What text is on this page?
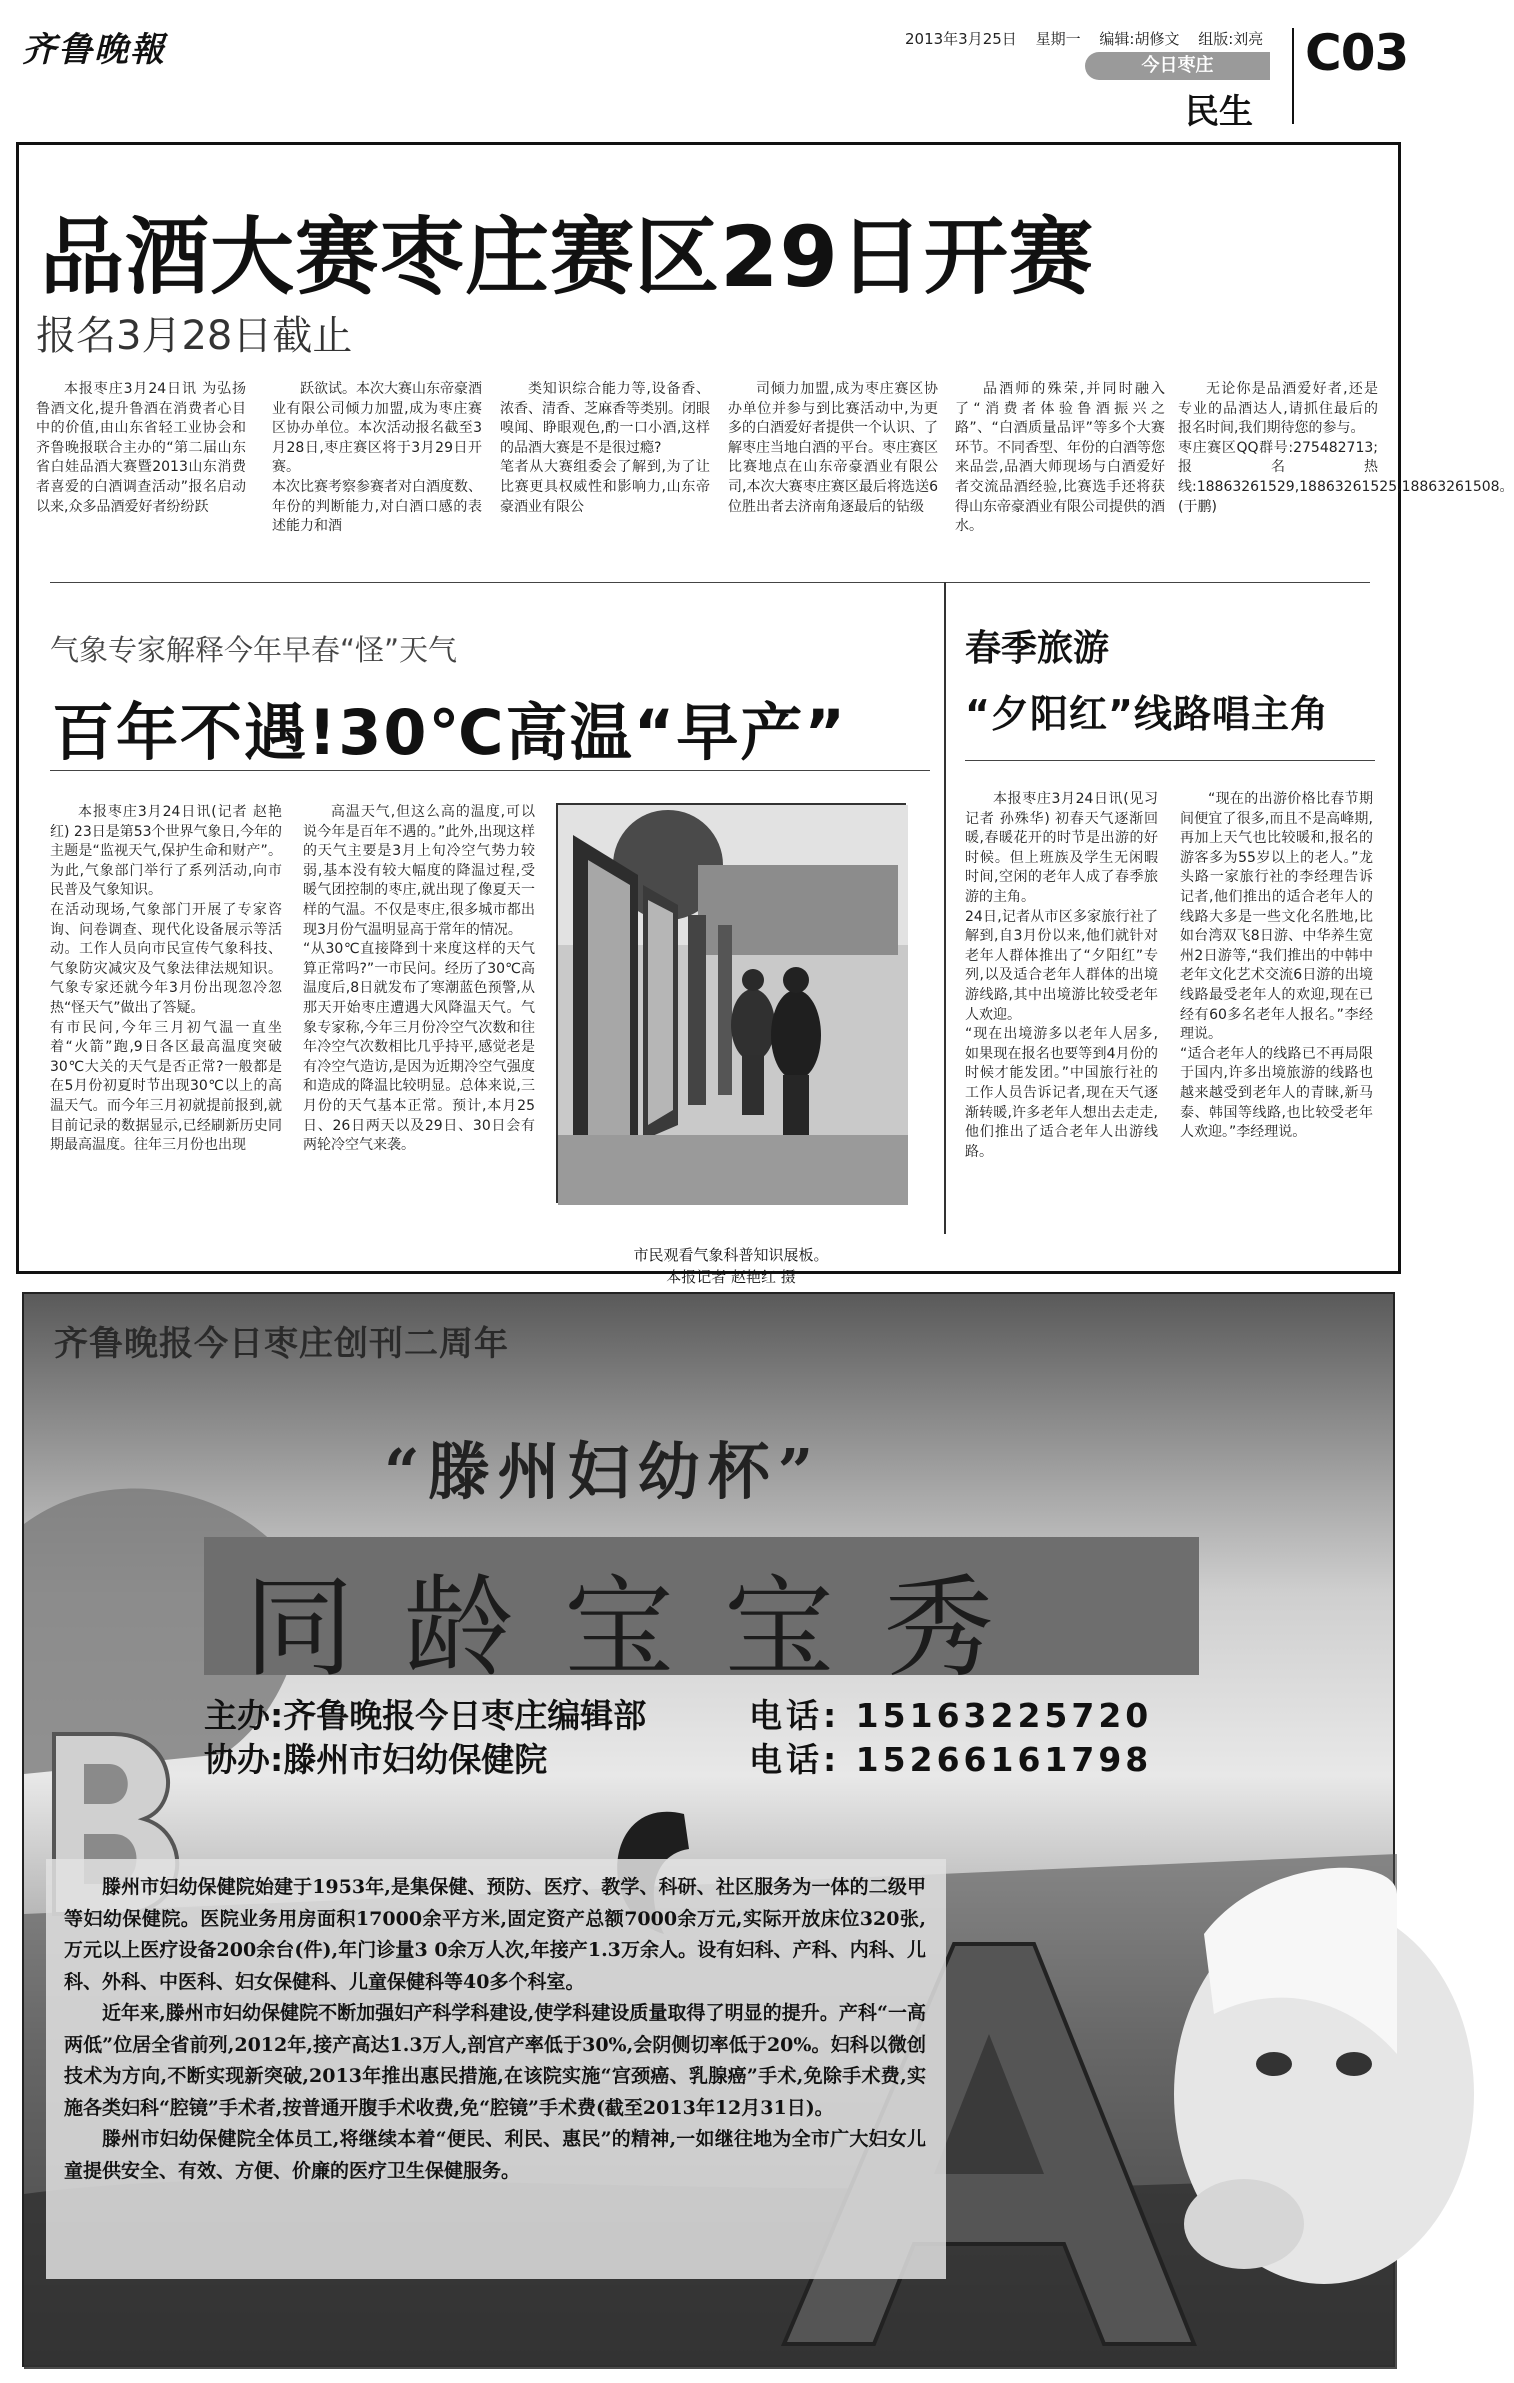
齐鲁晚報	2013年3月25日 星期一 编辑:胡修文 组版:刘亮
今日枣庄
民生
C03
品酒大赛枣庄赛区29日开赛
报名3月28日截止

本报枣庄3月24日讯 为弘扬鲁酒文化,提升鲁酒在消费者心目中的价值,由山东省轻工业协会和齐鲁晚报联合主办的“第二届山东省白娃品酒大赛暨2013山东消费者喜爱的白酒调查活动”报名启动以来,众多品酒爱好者纷纷跃

跃欲试。本次大赛山东帝豪酒业有限公司倾力加盟,成为枣庄赛区协办单位。本次活动报名截至3月28日,枣庄赛区将于3月29日开赛。
本次比赛考察参赛者对白酒度数、年份的判断能力,对白酒口感的表述能力和酒

类知识综合能力等,设备香、浓香、清香、芝麻香等类别。闭眼嗅闻、睁眼观色,酌一口小酒,这样的品酒大赛是不是很过瘾?
笔者从大赛组委会了解到,为了让比赛更具权威性和影响力,山东帝豪酒业有限公

司倾力加盟,成为枣庄赛区协办单位并参与到比赛活动中,为更多的白酒爱好者提供一个认识、了解枣庄当地白酒的平台。枣庄赛区比赛地点在山东帝豪酒业有限公司,本次大赛枣庄赛区最后将选送6位胜出者去济南角逐最后的钻级

品酒师的殊荣,并同时融入了“消费者体验鲁酒振兴之路”、“白酒质量品评”等多个大赛环节。不同香型、年份的白酒等您来品尝,品酒大师现场与白酒爱好者交流品酒经验,比赛选手还将获得山东帝豪酒业有限公司提供的酒水。

无论你是品酒爱好者,还是专业的品酒达人,请抓住最后的报名时间,我们期待您的参与。
枣庄赛区QQ群号:275482713;报名热线:18863261529,18863261525,18863261508。 (于鹏)

气象专家解释今年早春“怪”天气
百年不遇!30℃高温“早产”

本报枣庄3月24日讯(记者 赵艳红) 23日是第53个世界气象日,今年的主题是“监视天气,保护生命和财产”。为此,气象部门举行了系列活动,向市民普及气象知识。
在活动现场,气象部门开展了专家咨询、问卷调查、现代化设备展示等活动。工作人员向市民宣传气象科技、气象防灾减灾及气象法律法规知识。气象专家还就今年3月份出现忽冷忽热“怪天气”做出了答疑。
有市民问,今年三月初气温一直坐着“火箭”跑,9日各区最高温度突破30℃大关的天气是否正常?一般都是在5月份初夏时节出现30℃以上的高温天气。而今年三月初就提前报到,就目前记录的数据显示,已经刷新历史同期最高温度。往年三月份也出现

高温天气,但这么高的温度,可以说今年是百年不遇的。”此外,出现这样的天气主要是3月上旬冷空气势力较弱,基本没有较大幅度的降温过程,受暖气团控制的枣庄,就出现了像夏天一样的气温。不仅是枣庄,很多城市都出现3月份气温明显高于常年的情况。
“从30℃直接降到十来度这样的天气算正常吗?”一市民问。经历了30℃高温度后,8日就发布了寒潮蓝色预警,从那天开始枣庄遭遇大风降温天气。气象专家称,今年三月份冷空气次数和往年冷空气次数相比几乎持平,感觉老是有冷空气造访,是因为近期冷空气强度和造成的降温比较明显。总体来说,三月份的天气基本正常。预计,本月25日、26日两天以及29日、30日会有两轮冷空气来袭。

市民观看气象科普知识展板。
本报记者 赵艳红 摄
春季旅游
“夕阳红”线路唱主角

本报枣庄3月24日讯(见习记者 孙殊华) 初春天气逐渐回暖,春暖花开的时节是出游的好时候。但上班族及学生无闲暇时间,空闲的老年人成了春季旅游的主角。
24日,记者从市区多家旅行社了解到,自3月份以来,他们就针对老年人群体推出了“夕阳红”专列,以及适合老年人群体的出境游线路,其中出境游比较受老年人欢迎。
“现在出境游多以老年人居多,如果现在报名也要等到4月份的时候才能发团。”中国旅行社的工作人员告诉记者,现在天气逐渐转暖,许多老年人想出去走走,他们推出了适合老年人出游线路。

“现在的出游价格比春节期间便宜了很多,而且不是高峰期,再加上天气也比较暖和,报名的游客多为55岁以上的老人。”龙头路一家旅行社的李经理告诉记者,他们推出的适合老年人的线路大多是一些文化名胜地,比如台湾双飞8日游、中华养生宽州2日游等,“我们推出的中韩中老年文化艺术交流6日游的出境线路最受老年人的欢迎,现在已经有60多名老年人报名。”李经理说。
“适合老年人的线路已不再局限于国内,许多出境旅游的线路也越来越受到老年人的青睐,新马泰、韩国等线路,也比较受老年人欢迎。”李经理说。

齐鲁晚报今日枣庄创刊二周年
“滕州妇幼杯”
同龄宝宝秀
主办:齐鲁晚报今日枣庄编辑部	电话: 15163225720
协办:滕州市妇幼保健院	电话: 15266161798

滕州市妇幼保健院始建于1953年,是集保健、预防、医疗、教学、科研、社区服务为一体的二级甲等妇幼保健院。医院业务用房面积17000余平方米,固定资产总额7000余万元,实际开放床位320张,万元以上医疗设备200余台(件),年门诊量3 0余万人次,年接产1.3万余人。设有妇科、产科、内科、儿科、外科、中医科、妇女保健科、儿童保健科等40多个科室。

近年来,滕州市妇幼保健院不断加强妇产科学科建设,使学科建设质量取得了明显的提升。产科“一高两低”位居全省前列,2012年,接产高达1.3万人,剖宫产率低于30%,会阴侧切率低于20%。妇科以微创技术为方向,不断实现新突破,2013年推出惠民措施,在该院实施“宫颈癌、乳腺癌”手术,免除手术费,实施各类妇科“腔镜”手术者,按普通开腹手术收费,免“腔镜”手术费(截至2013年12月31日)。

滕州市妇幼保健院全体员工,将继续本着“便民、利民、惠民”的精神,一如继往地为全市广大妇女儿童提供安全、有效、方便、价廉的医疗卫生保健服务。
